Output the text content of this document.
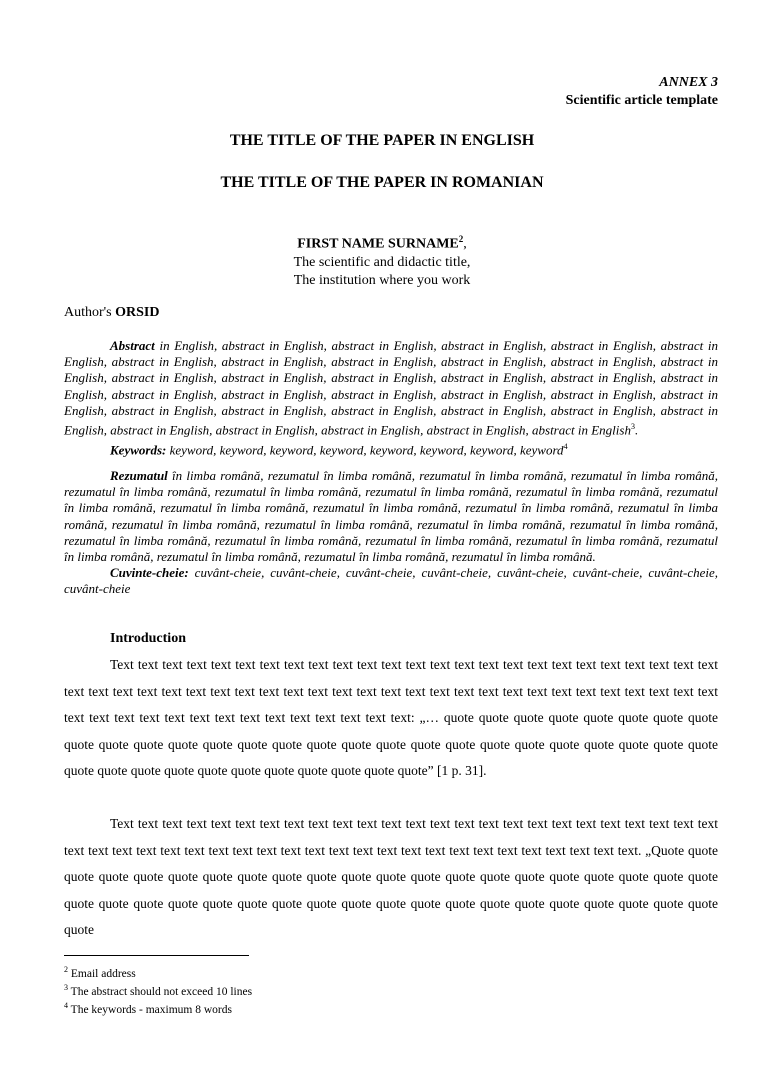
ANNEX 3
Scientific article template
THE TITLE OF THE PAPER IN ENGLISH
THE TITLE OF THE PAPER IN ROMANIAN
FIRST NAME SURNAME$^2$,
The scientific and didactic title,
The institution where you work
Author's ORSID
Abstract in English, abstract in English, abstract in English, abstract in English, abstract in English, abstract in English, abstract in English, abstract in English, abstract in English, abstract in English, abstract in English, abstract in English, abstract in English, abstract in English, abstract in English, abstract in English, abstract in English, abstract in English, abstract in English, abstract in English, abstract in English, abstract in English, abstract in English, abstract in English, abstract in English, abstract in English, abstract in English, abstract in English, abstract in English, abstract in English, abstract in English, abstract in English, abstract in English, abstract in English, abstract in English$^3$.
Keywords: keyword, keyword, keyword, keyword, keyword, keyword, keyword, keyword$^4$
Rezumatul în limba română, rezumatul în limba română, rezumatul în limba română, rezumatul în limba română, rezumatul în limba română, rezumatul în limba română, rezumatul în limba română, rezumatul în limba română, rezumatul în limba română, rezumatul în limba română, rezumatul în limba română, rezumatul în limba română, rezumatul în limba română, rezumatul în limba română, rezumatul în limba română, rezumatul în limba română, rezumatul în limba română, rezumatul în limba română, rezumatul în limba română, rezumatul în limba română, rezumatul în limba română, rezumatul în limba română, rezumatul în limba română, rezumatul în limba română, rezumatul în limba română.
Cuvinte-cheie: cuvânt-cheie, cuvânt-cheie, cuvânt-cheie, cuvânt-cheie, cuvânt-cheie, cuvânt-cheie, cuvânt-cheie, cuvânt-cheie
Introduction
Text text text text text text text text text text text text text text text text text text text text text text text text text text text text text text text text text text text text text text text text text text text text text text text text text text text text text text text text text text text text text text text text text text: „… quote quote quote quote quote quote quote quote quote quote quote quote quote quote quote quote quote quote quote quote quote quote quote quote quote quote quote quote quote quote quote quote quote quote quote quote quote quote” [1 p. 31].
Text text text text text text text text text text text text text text text text text text text text text text text text text text text text text text text text text text text text text text text text text text text text text text text text text. „Quote quote quote quote quote quote quote quote quote quote quote quote quote quote quote quote quote quote quote quote quote quote quote quote quote quote quote quote quote quote quote quote quote quote quote quote quote quote quote quote quote
$^2$ Email address
$^3$ The abstract should not exceed 10 lines
$^4$ The keywords - maximum 8 words
